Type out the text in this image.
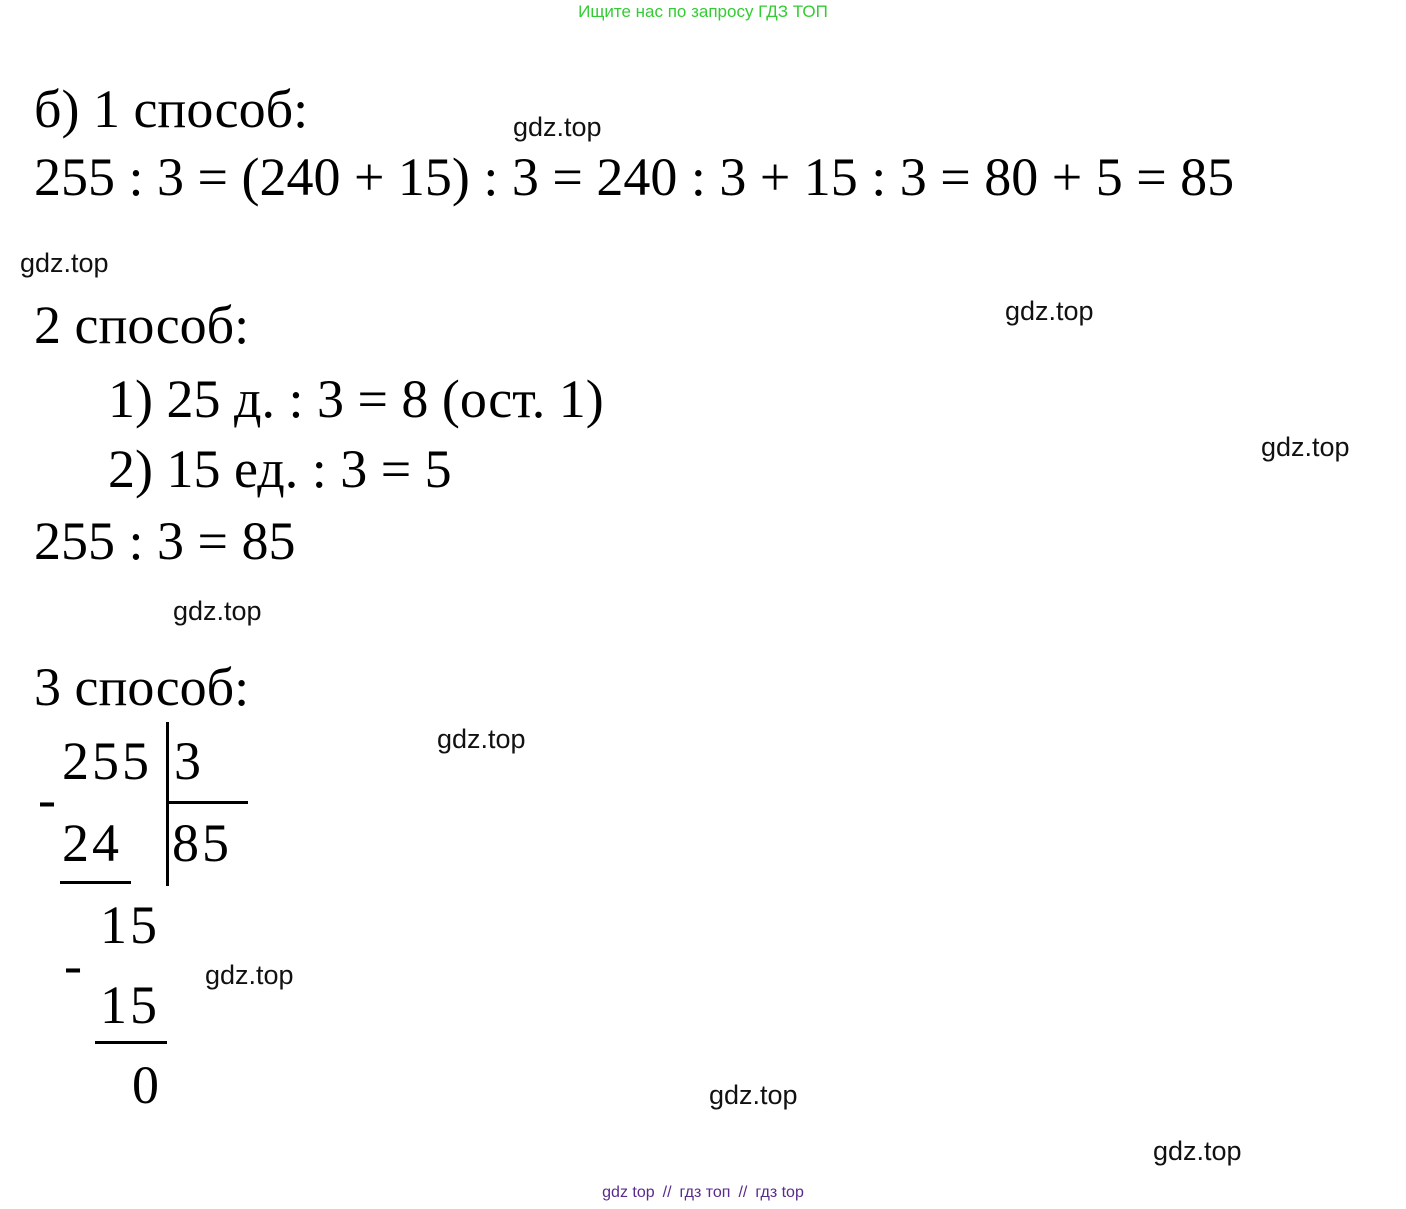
Ищите нас по запросу ГДЗ ТОП
б) 1 способ:
255 : 3 = (240 + 15) : 3 = 240 : 3 + 15 : 3 = 80 + 5 = 85
2 способ:
1) 25 д. : 3 = 8 (ост. 1)
2) 15 ед. : 3 = 5
255 : 3 = 85
3 способ:
255 3
-
24 85
15
-
15
0
gdz.top
gdz.top
gdz.top
gdz.top
gdz.top
gdz.top
gdz.top
gdz.top
gdz.top
gdz top // гдз топ // гдз top
